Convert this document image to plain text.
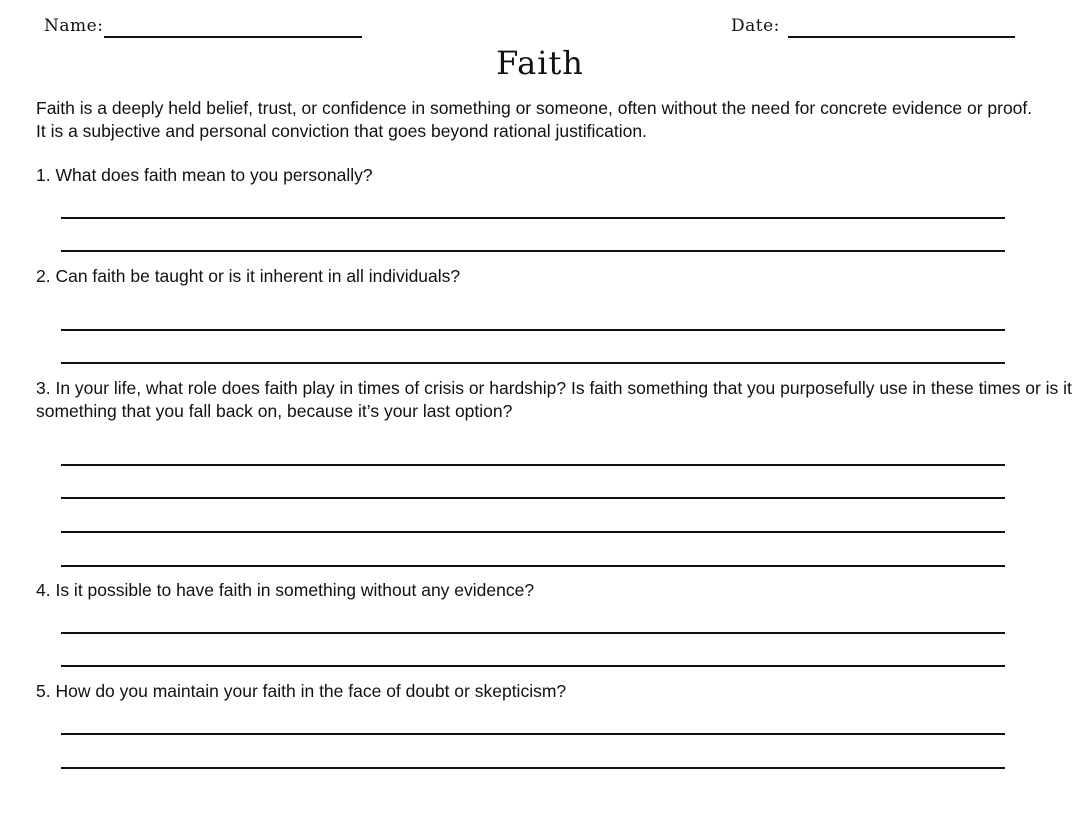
Name:	Date:
Faith

Faith is a deeply held belief, trust, or confidence in something or someone, often without the need for concrete evidence or proof. It is a subjective and personal conviction that goes beyond rational justification.

1. What does faith mean to you personally?

2. Can faith be taught or is it inherent in all individuals?

3. In your life, what role does faith play in times of crisis or hardship? Is faith something that you purposefully use in these times or is it something that you fall back on, because it’s your last option?

4. Is it possible to have faith in something without any evidence?

5. How do you maintain your faith in the face of doubt or skepticism?
